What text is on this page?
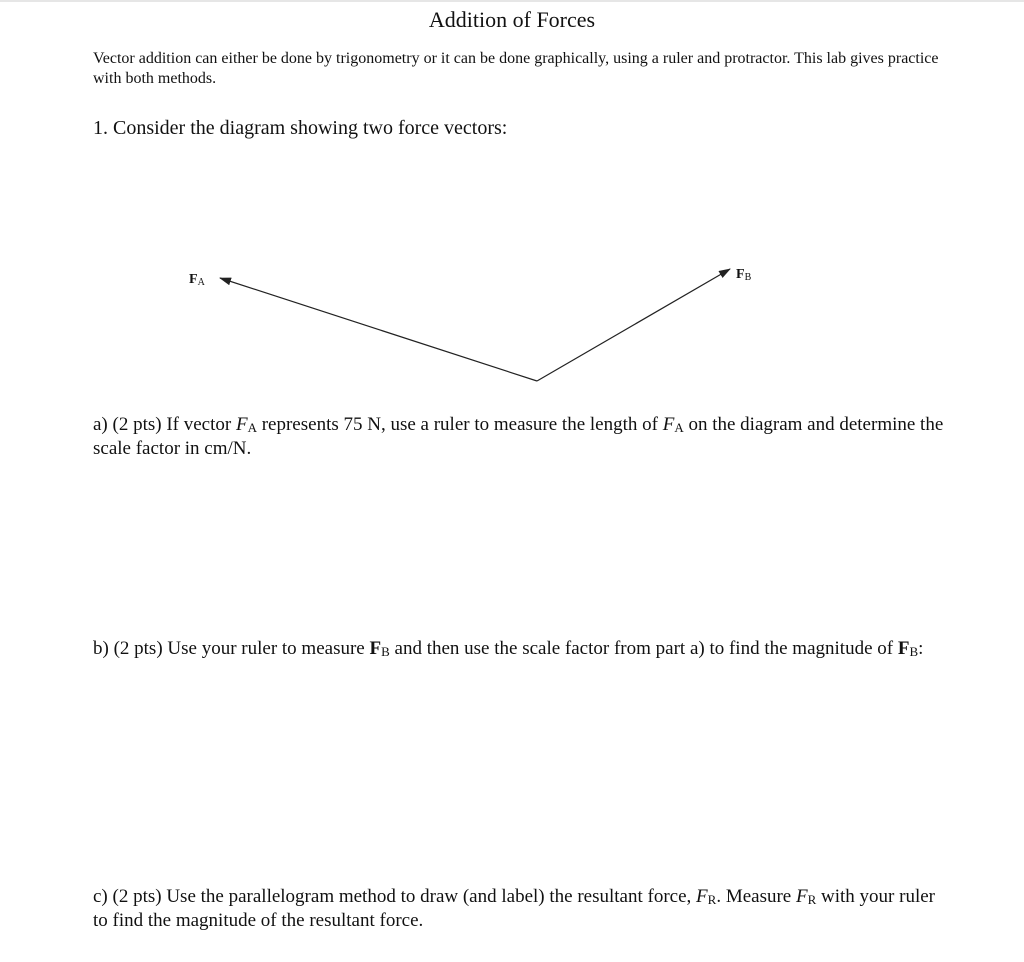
Addition of Forces
Vector addition can either be done by trigonometry or it can be done graphically, using a ruler and protractor. This lab gives practice with both methods.
1. Consider the diagram showing two force vectors:
FA
FB
a) (2 pts) If vector FA represents 75 N, use a ruler to measure the length of FA on the diagram and determine the scale factor in cm/N.
b) (2 pts) Use your ruler to measure FB and then use the scale factor from part a) to find the magnitude of FB:
c) (2 pts) Use the parallelogram method to draw (and label) the resultant force, FR. Measure FR with your ruler to find the magnitude of the resultant force.
